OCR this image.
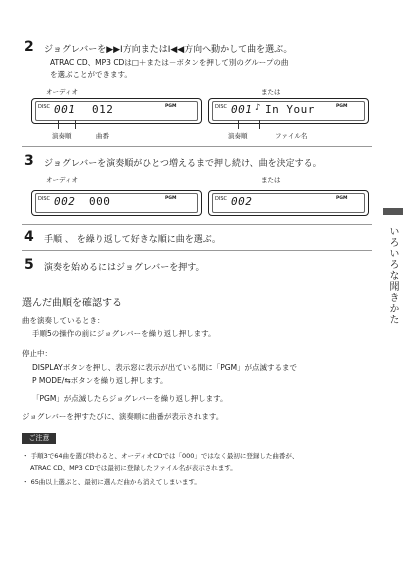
2 ジョグレバーを▶▶I方向またはI◀◀方向へ動かして曲を選ぶ。
ATRAC CD、MP3 CDは□＋または－ボタンを押して別のグループの曲
を選ぶことができます。
オーディオ	または
DISC 001 012	PGM	DISC 001 ♪ In Your	PGM
演奏順	曲番	演奏順	ファイル名
3 ジョグレバーを演奏順がひとつ増えるまで押し続け、曲を決定する。
オーディオ	または
DISC 002 000	PGM	DISC 002	PGM
4 手順 、 を繰り返して好きな順に曲を選ぶ。
5 演奏を始めるにはジョグレバーを押す。	いろいろな聞きかた
選んだ曲順を確認する
曲を演奏しているとき：
手順5の操作の前にジョグレバーを繰り返し押します。
停止中：
DISPLAYボタンを押し、表示窓に表示が出ている間に「PGM」が点滅するまで
P MODE/⇆ボタンを繰り返し押します。
「PGM」が点滅したらジョグレバーを繰り返し押します。
ジョグレバーを押すたびに、演奏順に曲番が表示されます。
ご注意
・ 手順3で64曲を選び終わると、オーディオCDでは「000」ではなく最初に登録した曲番が、
ATRAC CD、MP3 CDでは最初に登録したファイル名が表示されます。
・ 65曲以上選ぶと、最初に選んだ曲から消えてしまいます。
